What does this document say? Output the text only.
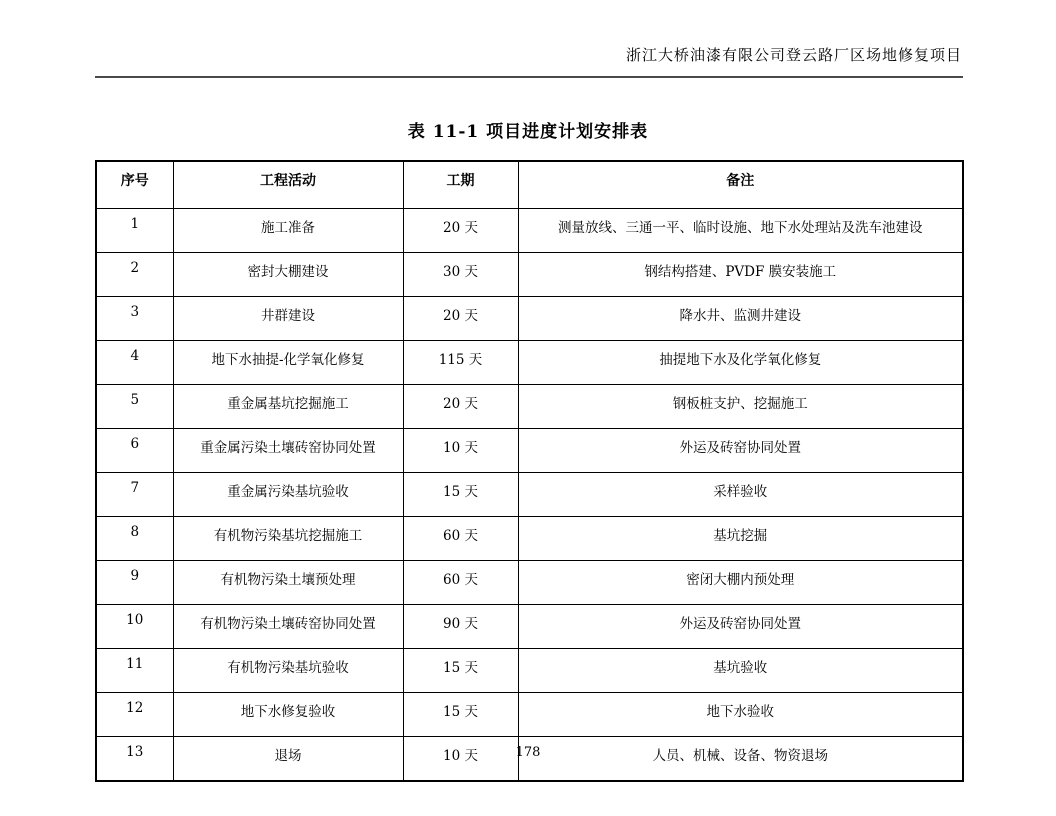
浙江大桥油漆有限公司登云路厂区场地修复项目
表 11-1 项目进度计划安排表
序号	工程活动	工期	备注
1	施工准备	20 天	测量放线、三通一平、临时设施、地下水处理站及洗车池建设
2	密封大棚建设	30 天	钢结构搭建、PVDF 膜安装施工
3	井群建设	20 天	降水井、监测井建设
4	地下水抽提-化学氧化修复	115 天	抽提地下水及化学氧化修复
5	重金属基坑挖掘施工	20 天	钢板桩支护、挖掘施工
6	重金属污染土壤砖窑协同处置	10 天	外运及砖窑协同处置
7	重金属污染基坑验收	15 天	采样验收
8	有机物污染基坑挖掘施工	60 天	基坑挖掘
9	有机物污染土壤预处理	60 天	密闭大棚内预处理
10	有机物污染土壤砖窑协同处置	90 天	外运及砖窑协同处置
11	有机物污染基坑验收	15 天	基坑验收
12	地下水修复验收	15 天	地下水验收
13	退场	10 天	人员、机械、设备、物资退场
178
